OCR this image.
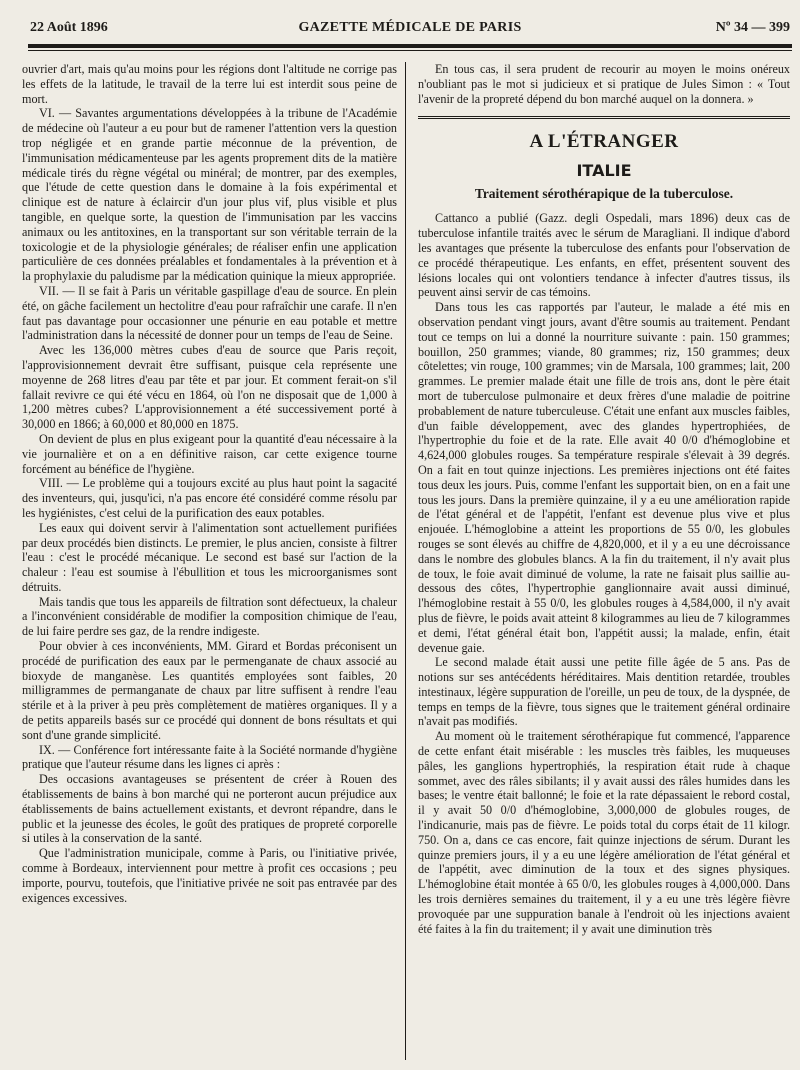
22 Août 1896	GAZETTE MÉDICALE DE PARIS	Nº 34 — 399

ouvrier d'art, mais qu'au moins pour les régions dont l'altitude ne corrige pas les effets de la latitude, le travail de la terre lui est interdit sous peine de mort.

VI. — Savantes argumentations développées à la tribune de l'Académie de médecine où l'auteur a eu pour but de ramener l'attention vers la question trop négligée et en grande partie méconnue de la prévention, de l'immunisation médicamenteuse par les agents proprement dits de la matière médicale tirés du règne végétal ou minéral; de montrer, par des exemples, que l'étude de cette question dans le domaine à la fois expérimental et clinique est de nature à éclaircir d'un jour plus vif, plus visible et plus tangible, en quelque sorte, la question de l'immunisation par les vaccins animaux ou les antitoxines, en la transportant sur son véritable terrain de la toxicologie et de la physiologie générales; de réaliser enfin une application particulière de ces données préalables et fondamentales à la prévention et à la prophylaxie du paludisme par la médication quinique la mieux appropriée.

VII. — Il se fait à Paris un véritable gaspillage d'eau de source. En plein été, on gâche facilement un hectolitre d'eau pour rafraîchir une carafe. Il n'en faut pas davantage pour occasionner une pénurie en eau potable et mettre l'administration dans la nécessité de donner pour un temps de l'eau de Seine.

Avec les 136,000 mètres cubes d'eau de source que Paris reçoit, l'approvisionnement devrait être suffisant, puisque cela représente une moyenne de 268 litres d'eau par tête et par jour. Et comment ferait-on s'il fallait revivre ce qui été vécu en 1864, où l'on ne disposait que de 1,000 à 1,200 mètres cubes? L'approvisionnement a été successivement porté à 30,000 en 1866; à 60,000 et 80,000 en 1875.

On devient de plus en plus exigeant pour la quantité d'eau nécessaire à la vie journalière et on a en définitive raison, car cette exigence tourne forcément au bénéfice de l'hygiène.

VIII. — Le problème qui a toujours excité au plus haut point la sagacité des inventeurs, qui, jusqu'ici, n'a pas encore été considéré comme résolu par les hygiénistes, c'est celui de la purification des eaux potables.

Les eaux qui doivent servir à l'alimentation sont actuellement purifiées par deux procédés bien distincts. Le premier, le plus ancien, consiste à filtrer l'eau : c'est le procédé mécanique. Le second est basé sur l'action de la chaleur : l'eau est soumise à l'ébullition et tous les microorganismes sont détruits.

Mais tandis que tous les appareils de filtration sont défectueux, la chaleur a l'inconvénient considérable de modifier la composition chimique de l'eau, de lui faire perdre ses gaz, de la rendre indigeste.

Pour obvier à ces inconvénients, MM. Girard et Bordas préconisent un procédé de purification des eaux par le permenganate de chaux associé au bioxyde de manganèse. Les quantités employées sont faibles, 20 milligrammes de permanganate de chaux par litre suffisent à rendre l'eau stérile et à la priver à peu près complètement de matières organiques. Il y a de petits appareils basés sur ce procédé qui donnent de bons résultats et qui sont d'une grande simplicité.

IX. — Conférence fort intéressante faite à la Société normande d'hygiène pratique que l'auteur résume dans les lignes ci après :

Des occasions avantageuses se présentent de créer à Rouen des établissements de bains à bon marché qui ne porteront aucun préjudice aux établissements de bains actuellement existants, et devront répandre, dans le public et la jeunesse des écoles, le goût des pratiques de propreté corporelle si utiles à la conservation de la santé.

Que l'administration municipale, comme à Paris, ou l'initiative privée, comme à Bordeaux, interviennent pour mettre à profit ces occasions ; peu importe, pourvu, toutefois, que l'initiative privée ne soit pas entravée par des exigences excessives.

En tous cas, il sera prudent de recourir au moyen le moins onéreux n'oubliant pas le mot si judicieux et si pratique de Jules Simon : « Tout l'avenir de la propreté dépend du bon marché auquel on la donnera. »

A L'ÉTRANGER
ITALIE
Traitement sérothérapique de la tuberculose.

Cattanco a publié (Gazz. degli Ospedali, mars 1896) deux cas de tuberculose infantile traités avec le sérum de Maragliani. Il indique d'abord les avantages que présente la tuberculose des enfants pour l'observation de ce procédé thérapeutique. Les enfants, en effet, présentent souvent des lésions locales qui ont volontiers tendance à infecter d'autres tissus, ils peuvent ainsi servir de cas témoins.

Dans tous les cas rapportés par l'auteur, le malade a été mis en observation pendant vingt jours, avant d'être soumis au traitement. Pendant tout ce temps on lui a donné la nourriture suivante : pain. 150 grammes; bouillon, 250 grammes; viande, 80 grammes; riz, 150 grammes; deux côtelettes; vin rouge, 100 grammes; vin de Marsala, 100 grammes; lait, 200 grammes. Le premier malade était une fille de trois ans, dont le père était mort de tuberculose pulmonaire et deux frères d'une maladie de poitrine probablement de nature tuberculeuse. C'était une enfant aux muscles faibles, d'un faible développement, avec des glandes hypertrophiées, de l'hypertrophie du foie et de la rate. Elle avait 40 0/0 d'hémoglobine et 4,624,000 globules rouges. Sa température respirale s'élevait à 39 degrés. On a fait en tout quinze injections. Les premières injections ont été faites tous deux les jours. Puis, comme l'enfant les supportait bien, on en a fait une tous les jours. Dans la première quinzaine, il y a eu une amélioration rapide de l'état général et de l'appétit, l'enfant est devenue plus vive et plus enjouée. L'hémoglobine a atteint les proportions de 55 0/0, les globules rouges se sont élevés au chiffre de 4,820,000, et il y a eu une décroissance dans le nombre des globules blancs. A la fin du traitement, il n'y avait plus de toux, le foie avait diminué de volume, la rate ne faisait plus saillie au-dessous des côtes, l'hypertrophie ganglionnaire avait aussi diminué, l'hémoglobine restait à 55 0/0, les globules rouges à 4,584,000, il n'y avait plus de fièvre, le poids avait atteint 8 kilogrammes au lieu de 7 kilogrammes et demi, l'état général était bon, l'appétit aussi; la malade, enfin, était devenue gaie.

Le second malade était aussi une petite fille âgée de 5 ans. Pas de notions sur ses antécédents héréditaires. Mais dentition retardée, troubles intestinaux, légère suppuration de l'oreille, un peu de toux, de la dyspnée, de temps en temps de la fièvre, tous signes que le traitement général ordinaire n'avait pas modifiés.

Au moment où le traitement sérothérapique fut commencé, l'apparence de cette enfant était misérable : les muscles très faibles, les muqueuses pâles, les ganglions hypertrophiés, la respiration était rude à chaque sommet, avec des râles sibilants; il y avait aussi des râles humides dans les bases; le ventre était ballonné; le foie et la rate dépassaient le rebord costal, il y avait 50 0/0 d'hémoglobine, 3,000,000 de globules rouges, de l'indicanurie, mais pas de fièvre. Le poids total du corps était de 11 kilogr. 750. On a, dans ce cas encore, fait quinze injections de sérum. Durant les quinze premiers jours, il y a eu une légère amélioration de l'état général et de l'appétit, avec diminution de la toux et des signes physiques. L'hémoglobine était montée à 65 0/0, les globules rouges à 4,000,000. Dans les trois dernières semaines du traitement, il y a eu une très légère fièvre provoquée par une suppuration banale à l'endroit où les injections avaient été faites à la fin du traitement; il y avait une diminution très
